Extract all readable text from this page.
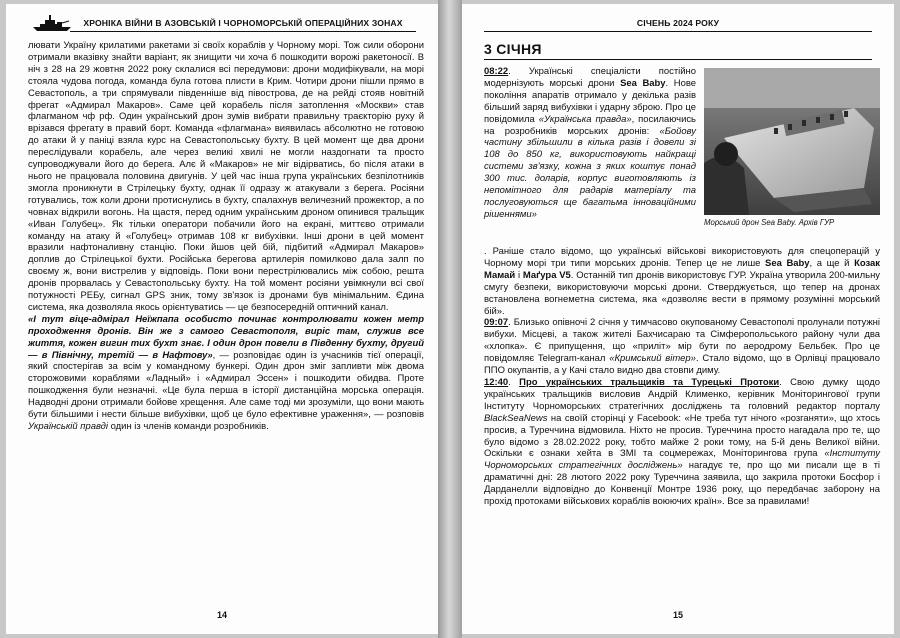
ХРОНІКА ВІЙНИ В АЗОВСЬКІЙ І ЧОРНОМОРСЬКІЙ ОПЕРАЦІЙНИХ ЗОНАХ

лювати Україну крилатими ракетами зі своїх кораблів у Чорному морі. Тож сили оборони отримали вказівку знайти варіант, як знищити чи хоча б пошкодити ворожі ракетоносії. В ніч з 28 на 29 жовтня 2022 року склалися всі передумови: дрони модифікували, на морі стояла чудова погода, команда була готова плисти в Крим. Чотири дрони пішли прямо в Севастополь, а три спрямували південніше від півострова, де на рейді стояв новітній фрегат «Адмирал Макаров». Саме цей корабель після затоплення «Москви» став флагманом чф рф. Один український дрон зумів вибрати правильну траєкторію руху й врізався фрегату в правий борт. Команда «флагмана» виявилась абсолютно не готовою до атаки й у паніці взяла курс на Севастопольську бухту. В цей момент ще два дрони переслідували корабель, але через великі хвилі не могли наздогнати та просто супроводжували його до берега. Алє й «Макаров» не міг відірватись, бо після атаки в нього не працювала половина двигунів. У цей час інша група українських безпілотників змогла проникнути в Стрілецьку бухту, однак її одразу ж атакували з берега. Росіяни готувались, тож коли дрони протиснулись в бухту, спалахнув величезний прожектор, а по човнах відкрили вогонь. На щастя, перед одним українським дроном опинився тральщик «Иван Голубец». Як тільки оператори побачили його на екрані, миттєво отримали команду на атаку й «Голубец» отримав 108 кг вибухівки. Інші дрони в цей момент вразили нафтоналивну станцію. Поки йшов цей бій, підбитий «Адмирал Макаров» доплив до Стрілецької бухти. Російська берегова артилерія помилково дала залп по своєму ж, вони вистрелив у відповідь. Поки вони перестрілювались між собою, решта дронів прорвалась у Севастопольську бухту. На той момент росіяни увімкнули всі свої потужності РЕБу, сигнал GPS зник, тому зв'язок із дронами був мінімальним. Єдина система, яка дозволяла якось орієнтуватись — це безпосередній оптичний канал.

«І тут віце-адмірал Неїжпапа особисто починає контролювати кожен метр проходження дронів. Він же з самого Севастополя, виріс там, служив все життя, кожен вигин тих бухт знає. І один дрон повели в Південну бухту, другий — в Північну, третій — в Нафтову», — розповідає один із учасників тієї операції, який спостерігав за всім у командному бункері. Один дрон зміг запливти між двома сторожовими кораблями «Ладный» і «Адмирал Эссен» і пошкодити обидва. Проте пошкодження були незначні. «Це була перша в історії дистанційна морська операція. Надводні дрони отримали бойове хрещення. Але саме тоді ми зрозуміли, що вони мають бути більшими і нести більше вибухівки, щоб це було ефективне ураження», — розповів Українській правді один із членів команди розробників.

14
СІЧЕНЬ 2024 РОКУ
3 СІЧНЯ
08:22. Українські спеціалісти постійно модернізують морські дрони Sea Baby. Нове покоління апаратів отримало у декілька разів більший заряд вибухівки і ударну зброю. Про це повідомила «Українська правда», посилаючись на розробників морських дронів: «Бойову частину збільшили в кілька разів і довели зі 108 до 850 кг, використовують найкращі системи зв'язку, кожна з яких коштує понад 300 тис. доларів, корпус виготовляють із непомітного для радарів матеріалу та послуговуються ще багатьма інноваційними рішеннями»
Морський дрон Sea Baby. Архів ГУР

. Раніше стало відомо, що українські військові використовують для спецоперацій у Чорному морі три типи морських дронів. Тепер це не лише Sea Baby, а ще й Козак Мамай і Маґура V5. Останній тип дронів використовує ГУР. Україна утворила 200-мильну смугу безпеки, використовуючи морські дрони. Стверджується, що тепер на дронах встановлена вогнеметна система, яка «дозволяє вести в прямому розумінні морський бій».

09:07. Близько опівночі 2 січня у тимчасово окупованому Севастополі пролунали потужні вибухи. Місцеві, а також жителі Бахчисараю та Сімферопольського району чули два «хлопка». Є припущення, що «приліт» мір бути по аеродрому Бельбек. Про це повідомляє Telegram-канал «Кримський вітер». Стало відомо, що в Орлівці працювало ППО окупантів, а у Качі стало видно два стовпи диму.

12:40. Про українських тральщиків та Турецькі Протоки. Свою думку щодо українських тральщиків висловив Андрій Клименко, керівник Моніторингової групи Інституту Чорноморських стратегічних досліджень та головний редактор порталу BlackSeaNews на своїй сторінці у Facebook: «Не треба тут нічого «розганяти», що хтось просив, а Туреччина відмовила. Ніхто не просив. Туреччина просто нагадала про те, що було відомо з 28.02.2022 року, тобто майже 2 роки тому, на 5-й день Великої війни. Оскільки є ознаки хейта в ЗМІ та соцмережах, Моніторингова група «Інституту Чорноморських стратегічних досліджень» нагадує те, про що ми писали ще в ті драматичні дні: 28 лютого 2022 року Туреччина заявила, що закрила протоки Босфор і Дарданелли відповідно до Конвенції Монтре 1936 року, що передбачає заборону на прохід протоками військових кораблів воюючих країн». Все за правилами!

15
